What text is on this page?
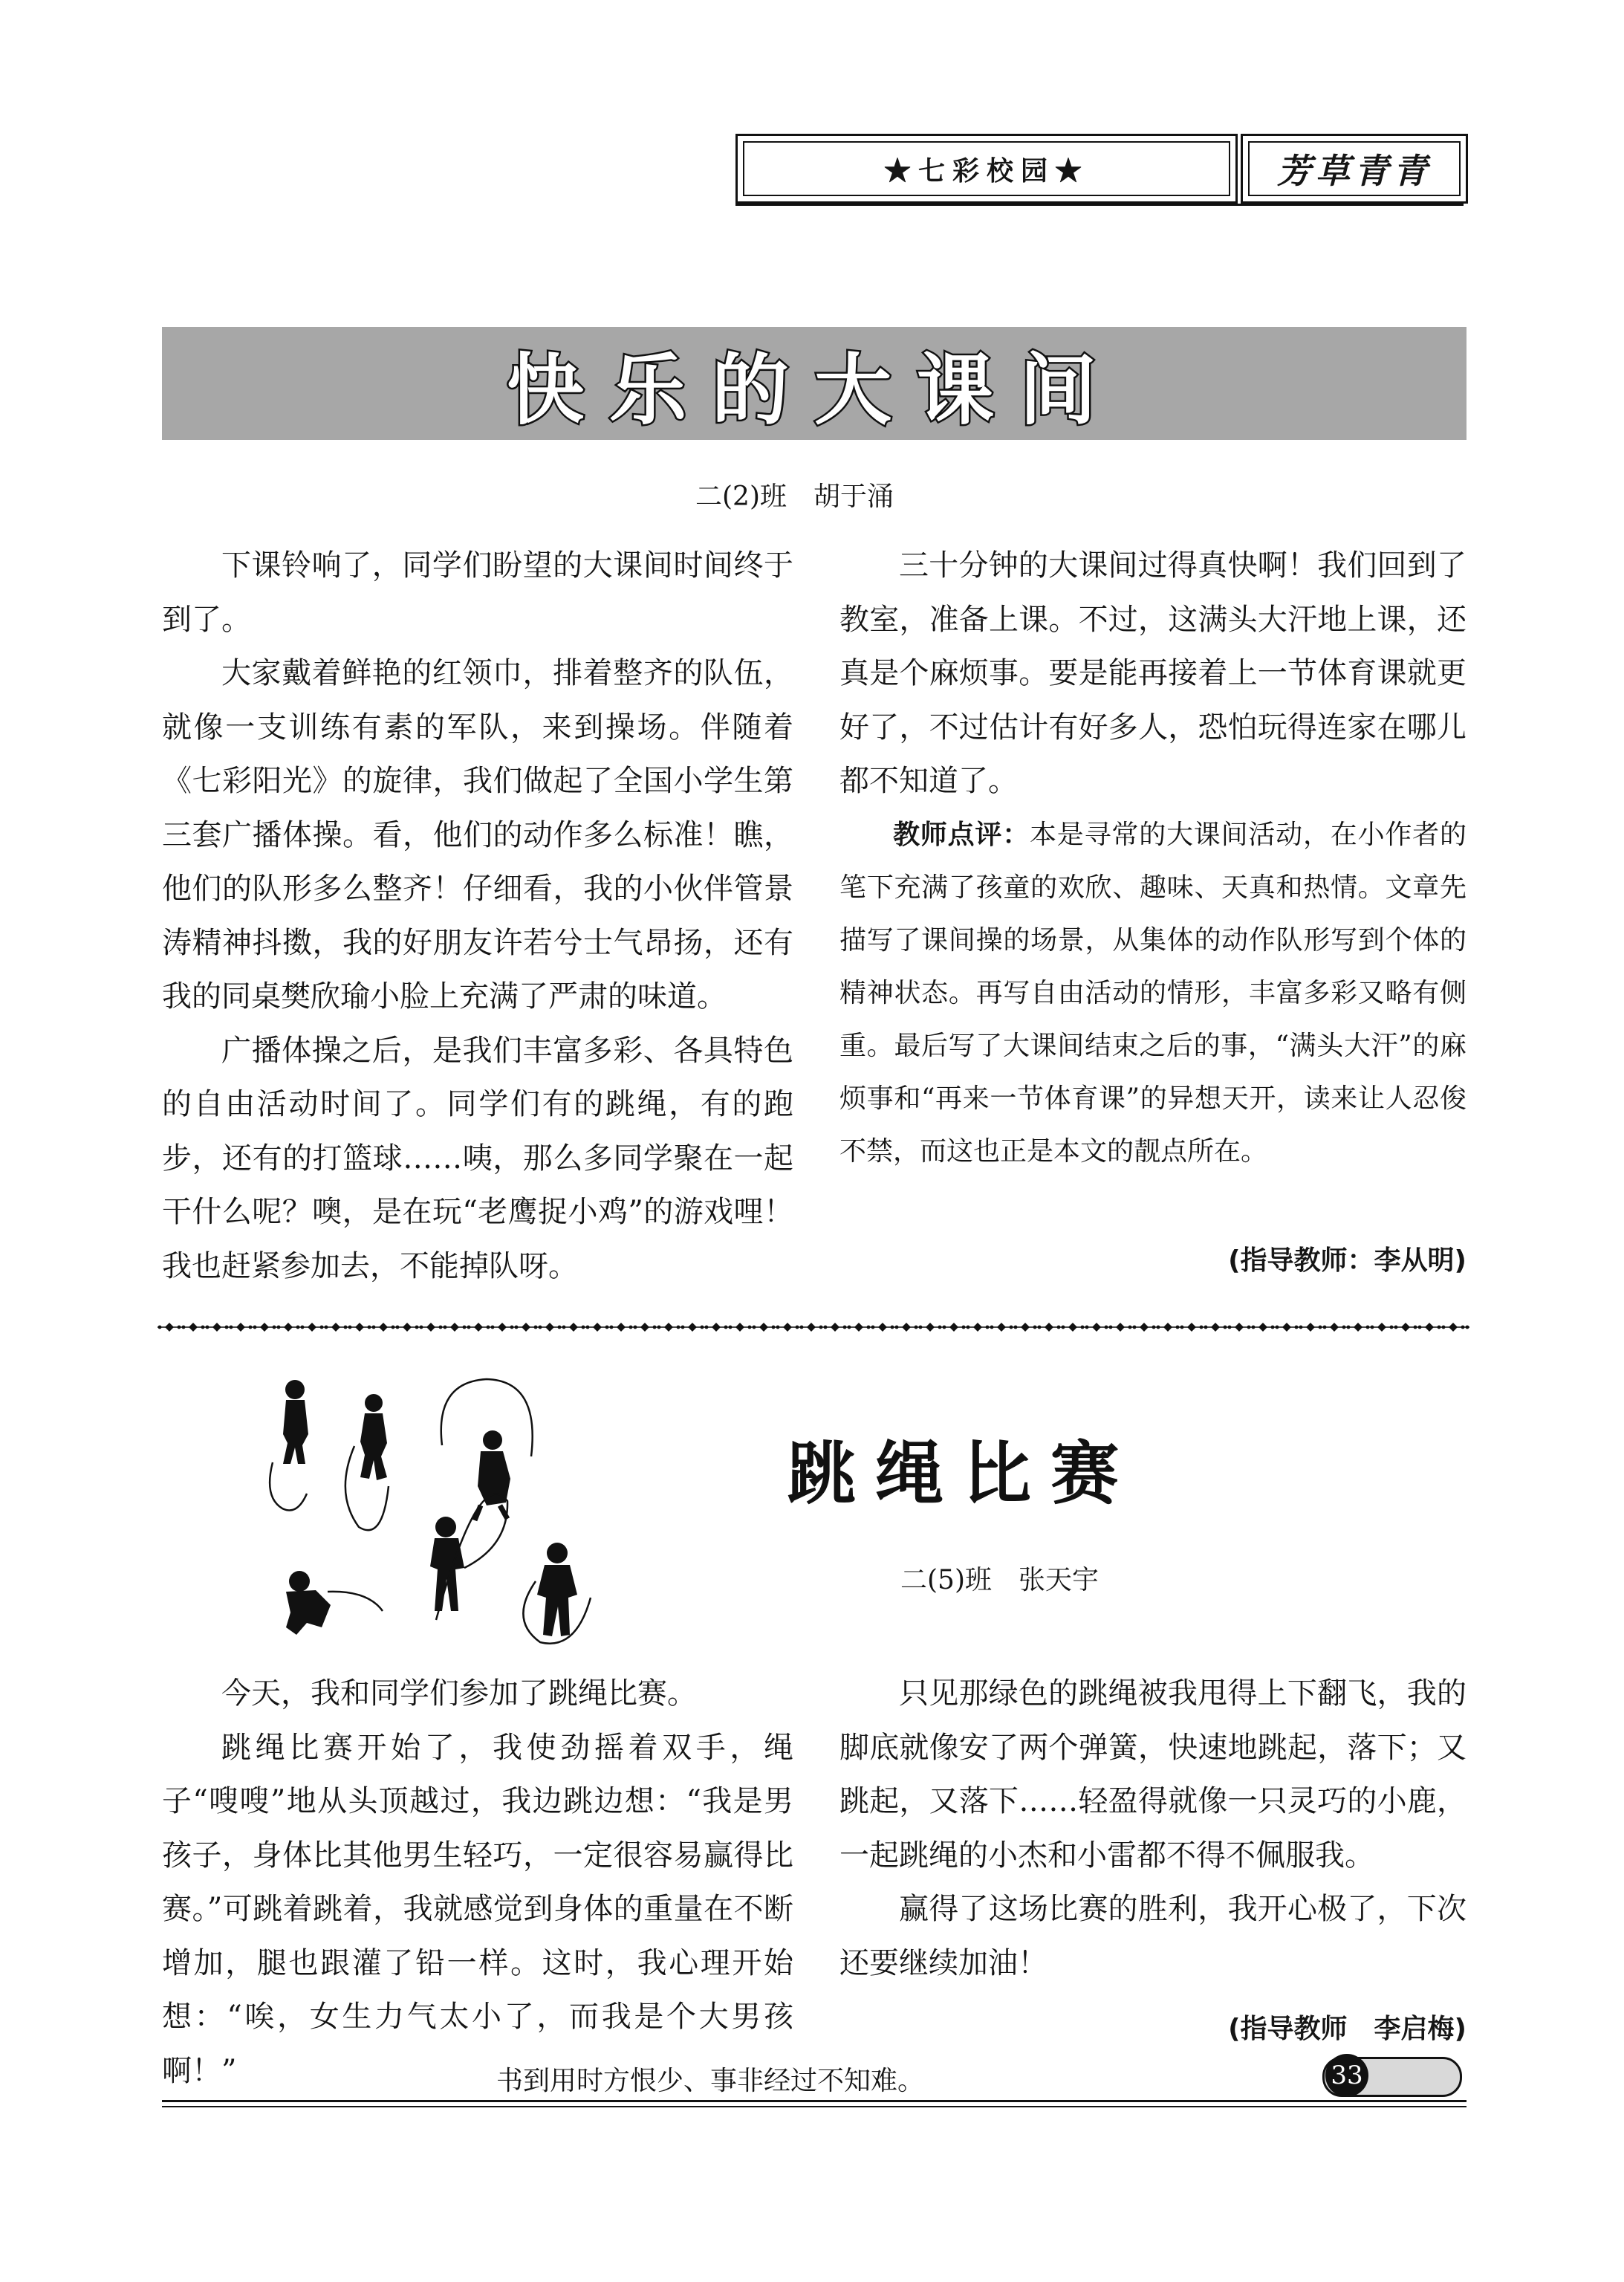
★七彩校园★	芳草青青
快乐的大课间
二(2)班　胡于涌

下课铃响了，同学们盼望的大课间时间终于到了。

大家戴着鲜艳的红领巾，排着整齐的队伍，就像一支训练有素的军队，来到操场。伴随着《七彩阳光》的旋律，我们做起了全国小学生第三套广播体操。看，他们的动作多么标准！瞧，他们的队形多么整齐！仔细看，我的小伙伴管景涛精神抖擞，我的好朋友许若兮士气昂扬，还有我的同桌樊欣瑜小脸上充满了严肃的味道。

广播体操之后，是我们丰富多彩、各具特色的自由活动时间了。同学们有的跳绳，有的跑步，还有的打篮球……咦，那么多同学聚在一起干什么呢？噢，是在玩“老鹰捉小鸡”的游戏哩！我也赶紧参加去，不能掉队呀。

三十分钟的大课间过得真快啊！我们回到了教室，准备上课。不过，这满头大汗地上课，还真是个麻烦事。要是能再接着上一节体育课就更好了，不过估计有好多人，恐怕玩得连家在哪儿都不知道了。

教师点评：本是寻常的大课间活动，在小作者的笔下充满了孩童的欢欣、趣味、天真和热情。文章先描写了课间操的场景，从集体的动作队形写到个体的精神状态。再写自由活动的情形，丰富多彩又略有侧重。最后写了大课间结束之后的事，“满头大汗”的麻烦事和“再来一节体育课”的异想天开，读来让人忍俊不禁，而这也正是本文的靓点所在。

(指导教师：李从明)
跳绳比赛
二(5)班　张天宇

今天，我和同学们参加了跳绳比赛。

跳绳比赛开始了，我使劲摇着双手，绳子“嗖嗖”地从头顶越过，我边跳边想：“我是男孩子，身体比其他男生轻巧，一定很容易赢得比赛。”可跳着跳着，我就感觉到身体的重量在不断增加，腿也跟灌了铅一样。这时，我心理开始想：“唉，女生力气太小了，而我是个大男孩啊！”

只见那绿色的跳绳被我甩得上下翻飞，我的脚底就像安了两个弹簧，快速地跳起，落下；又跳起，又落下……轻盈得就像一只灵巧的小鹿，一起跳绳的小杰和小雷都不得不佩服我。

赢得了这场比赛的胜利，我开心极了，下次还要继续加油！

(指导教师　李启梅)
书到用时方恨少、事非经过不知难。	33
